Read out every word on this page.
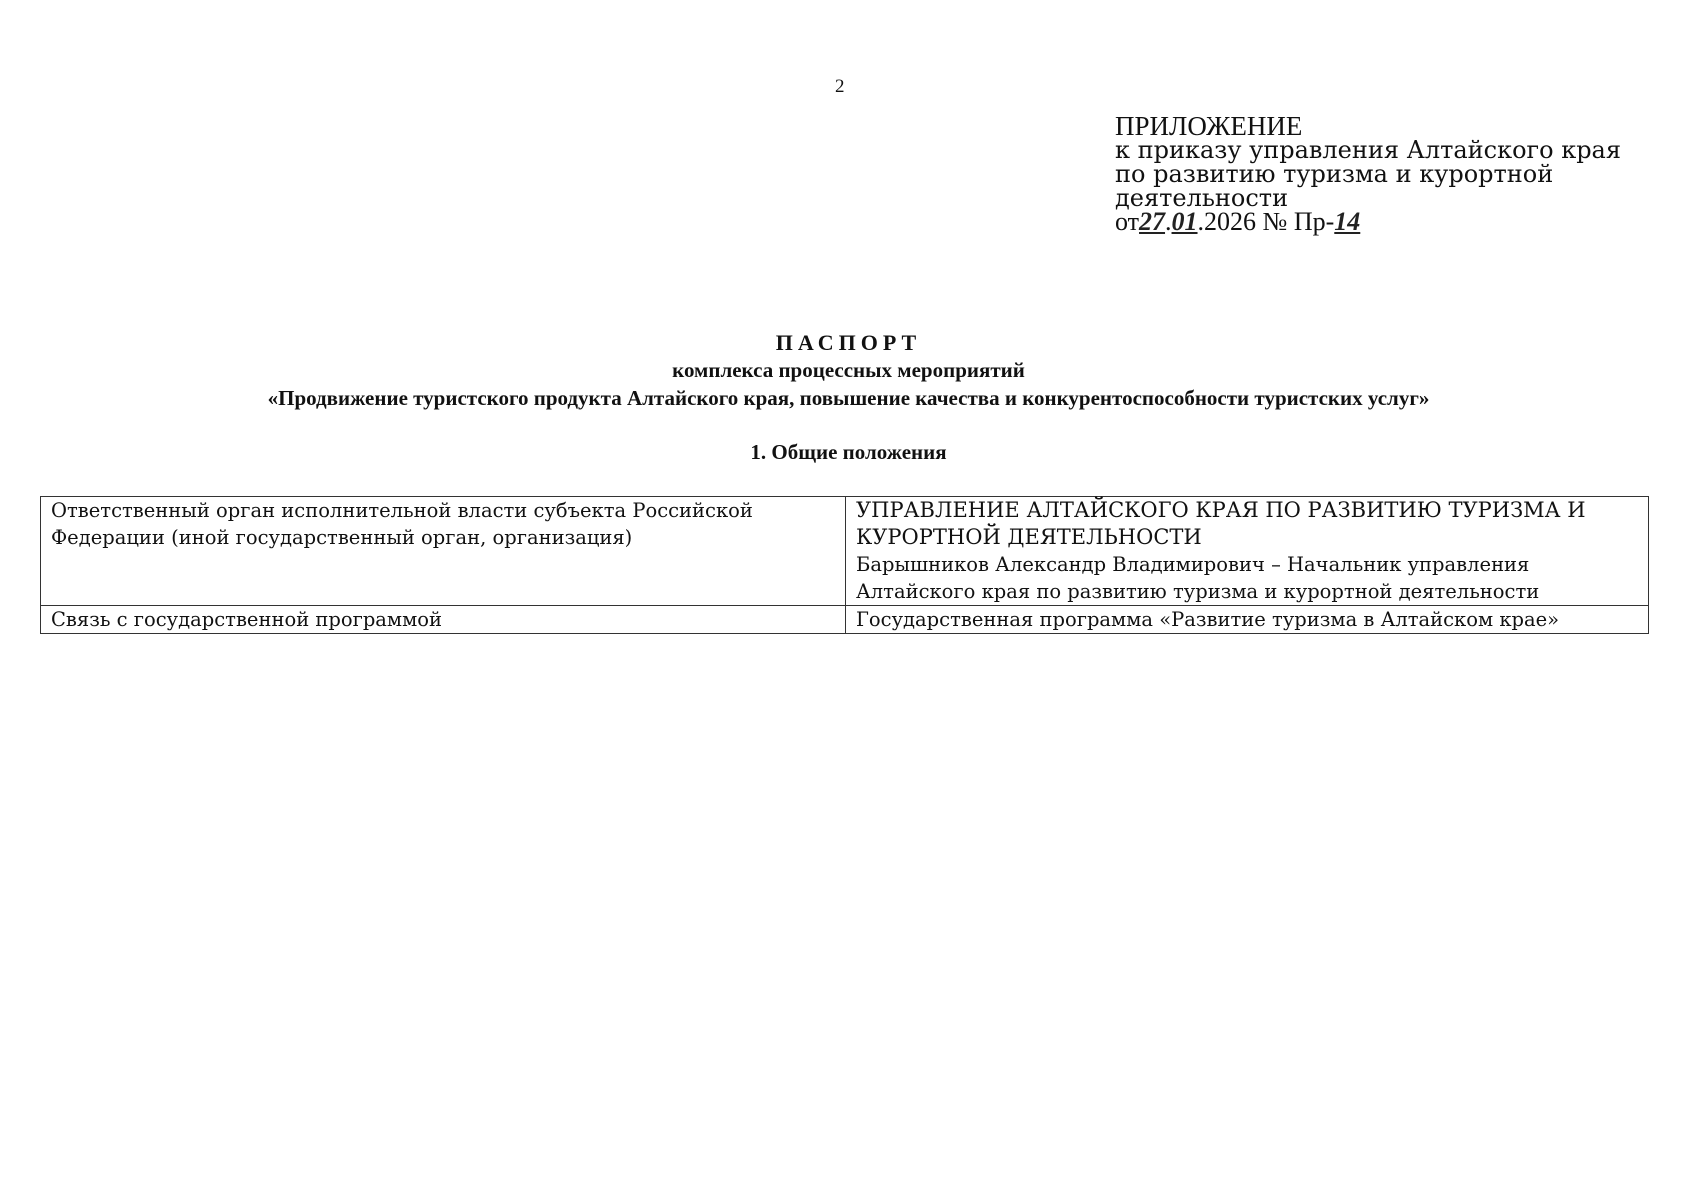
2
ПРИЛОЖЕНИЕ
к приказу управления Алтайского края
по развитию туризма и курортной
деятельности
от27.01.2026 № Пр-14
ПАСПОРТ
комплекса процессных мероприятий
«Продвижение туристского продукта Алтайского края, повышение качества и конкурентоспособности туристских услуг»
1. Общие положения
Ответственный орган исполнительной власти субъекта Российской Федерации (иной государственный орган, организация)	УПРАВЛЕНИЕ АЛТАЙСКОГО КРАЯ ПО РАЗВИТИЮ ТУРИЗМА И КУРОРТНОЙ ДЕЯТЕЛЬНОСТИ
Барышников Александр Владимирович – Начальник управления Алтайского края по развитию туризма и курортной деятельности

Связь с государственной программой	Государственная программа «Развитие туризма в Алтайском крае»
